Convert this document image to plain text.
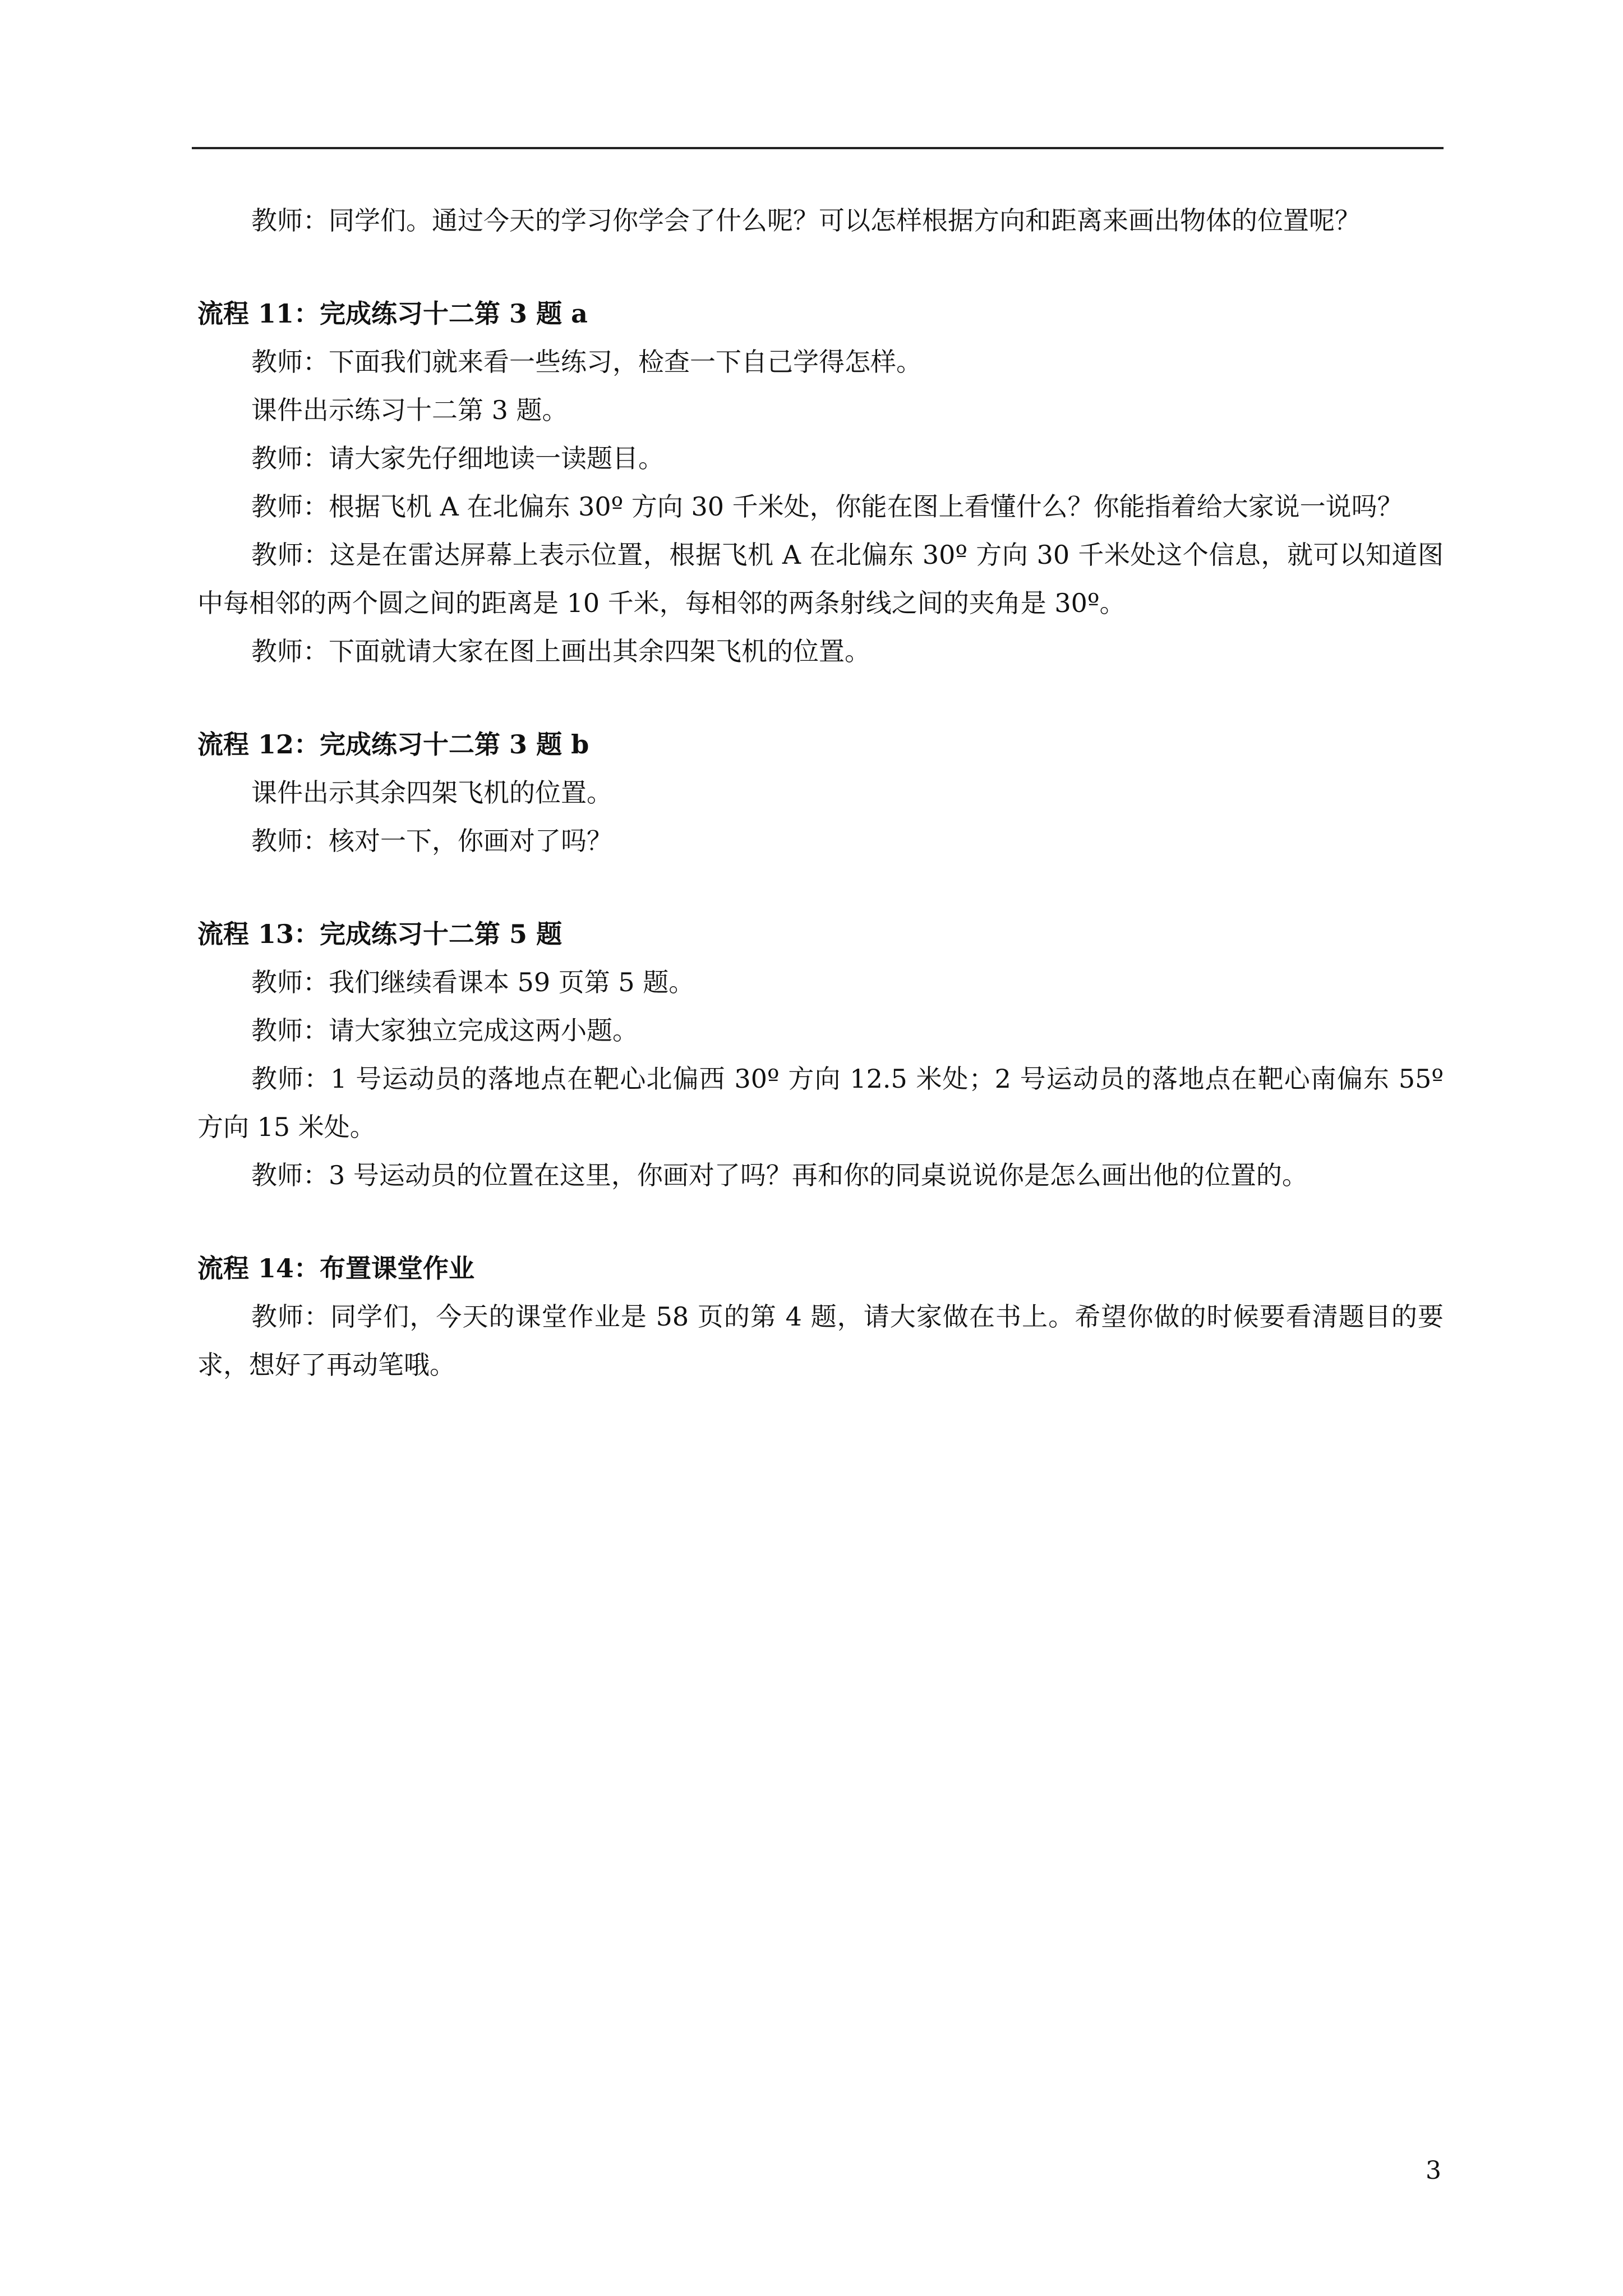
教师：同学们。通过今天的学习你学会了什么呢？可以怎样根据方向和距离来画出物体的位置呢？

流程 11：完成练习十二第 3 题 a

教师：下面我们就来看一些练习，检查一下自己学得怎样。

课件出示练习十二第 3 题。

教师：请大家先仔细地读一读题目。

教师：根据飞机 A 在北偏东 30º 方向 30 千米处，你能在图上看懂什么？你能指着给大家说一说吗？

教师：这是在雷达屏幕上表示位置，根据飞机 A 在北偏东 30º 方向 30 千米处这个信息，就可以知道图中每相邻的两个圆之间的距离是 10 千米，每相邻的两条射线之间的夹角是 30º。

教师：下面就请大家在图上画出其余四架飞机的位置。

流程 12：完成练习十二第 3 题 b

课件出示其余四架飞机的位置。

教师：核对一下，你画对了吗？

流程 13：完成练习十二第 5 题

教师：我们继续看课本 59 页第 5 题。

教师：请大家独立完成这两小题。

教师：1 号运动员的落地点在靶心北偏西 30º 方向 12.5 米处；2 号运动员的落地点在靶心南偏东 55º 方向 15 米处。

教师：3 号运动员的位置在这里，你画对了吗？再和你的同桌说说你是怎么画出他的位置的。

流程 14：布置课堂作业

教师：同学们，今天的课堂作业是 58 页的第 4 题，请大家做在书上。希望你做的时候要看清题目的要求，想好了再动笔哦。

3
